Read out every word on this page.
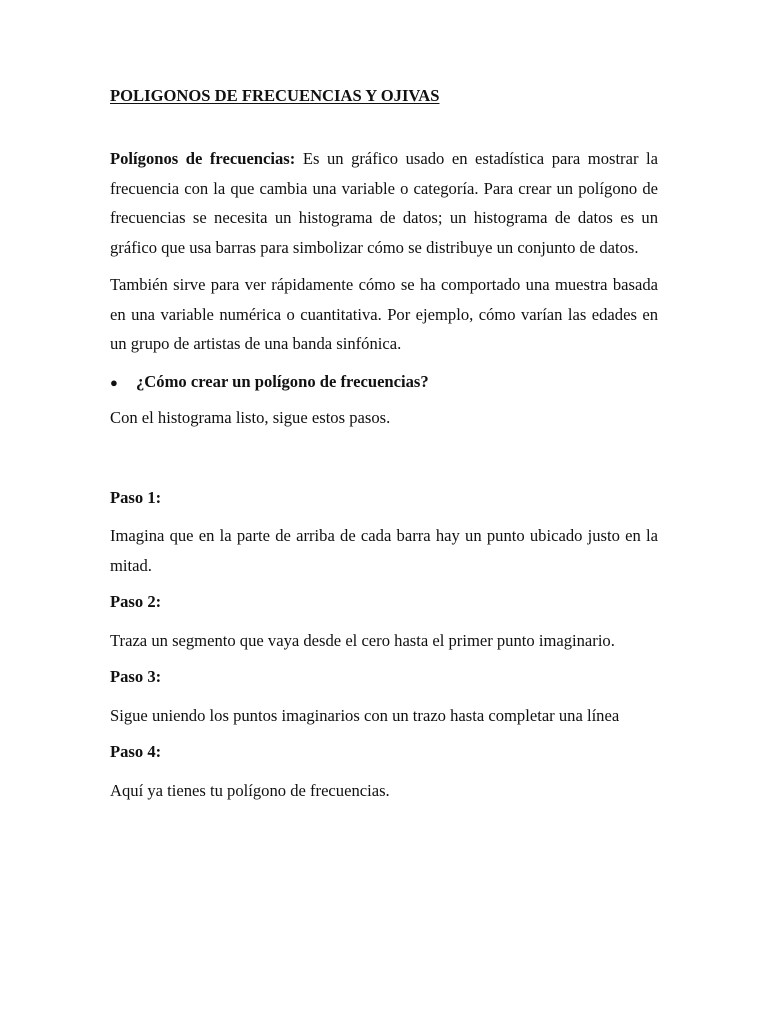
POLIGONOS DE FRECUENCIAS Y OJIVAS

Polígonos de frecuencias: Es un gráfico usado en estadística para mostrar la frecuencia con la que cambia una variable o categoría. Para crear un polígono de frecuencias se necesita un histograma de datos; un histograma de datos es un gráfico que usa barras para simbolizar cómo se distribuye un conjunto de datos.

También sirve para ver rápidamente cómo se ha comportado una muestra basada en una variable numérica o cuantitativa. Por ejemplo, cómo varían las edades en un grupo de artistas de una banda sinfónica.

●	¿Cómo crear un polígono de frecuencias?

Con el histograma listo, sigue estos pasos.

Paso 1:

Imagina que en la parte de arriba de cada barra hay un punto ubicado justo en la mitad.

Paso 2:

Traza un segmento que vaya desde el cero hasta el primer punto imaginario.

Paso 3:

Sigue uniendo los puntos imaginarios con un trazo hasta completar una línea

Paso 4:

Aquí ya tienes tu polígono de frecuencias.
